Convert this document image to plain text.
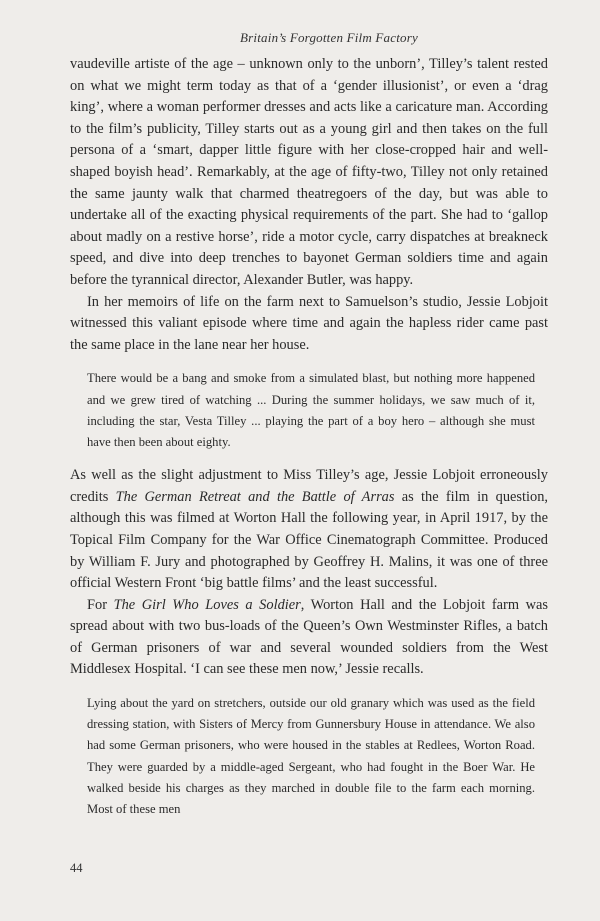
Britain’s Forgotten Film Factory

vaudeville artiste of the age – unknown only to the unborn’, Tilley’s talent rested on what we might term today as that of a ‘gender illusionist’, or even a ‘drag king’, where a woman performer dresses and acts like a caricature man. According to the film’s publicity, Tilley starts out as a young girl and then takes on the full persona of a ‘smart, dapper little figure with her close-cropped hair and well-shaped boyish head’. Remarkably, at the age of fifty-two, Tilley not only retained the same jaunty walk that charmed theatregoers of the day, but was able to undertake all of the exacting physical requirements of the part. She had to ‘gallop about madly on a restive horse’, ride a motor cycle, carry dispatches at breakneck speed, and dive into deep trenches to bayonet German soldiers time and again before the tyrannical director, Alexander Butler, was happy.

In her memoirs of life on the farm next to Samuelson’s studio, Jessie Lobjoit witnessed this valiant episode where time and again the hapless rider came past the same place in the lane near her house.

There would be a bang and smoke from a simulated blast, but nothing more happened and we grew tired of watching ... During the summer holidays, we saw much of it, including the star, Vesta Tilley ... playing the part of a boy hero – although she must have then been about eighty.

As well as the slight adjustment to Miss Tilley’s age, Jessie Lobjoit erroneously credits The German Retreat and the Battle of Arras as the film in question, although this was filmed at Worton Hall the following year, in April 1917, by the Topical Film Company for the War Office Cinematograph Committee. Produced by William F. Jury and photographed by Geoffrey H. Malins, it was one of three official Western Front ‘big battle films’ and the least successful.

For The Girl Who Loves a Soldier, Worton Hall and the Lobjoit farm was spread about with two bus-loads of the Queen’s Own Westminster Rifles, a batch of German prisoners of war and several wounded soldiers from the West Middlesex Hospital. ‘I can see these men now,’ Jessie recalls.

Lying about the yard on stretchers, outside our old granary which was used as the field dressing station, with Sisters of Mercy from Gunnersbury House in attendance. We also had some German prisoners, who were housed in the stables at Redlees, Worton Road. They were guarded by a middle-aged Sergeant, who had fought in the Boer War. He walked beside his charges as they marched in double file to the farm each morning. Most of these men

44
